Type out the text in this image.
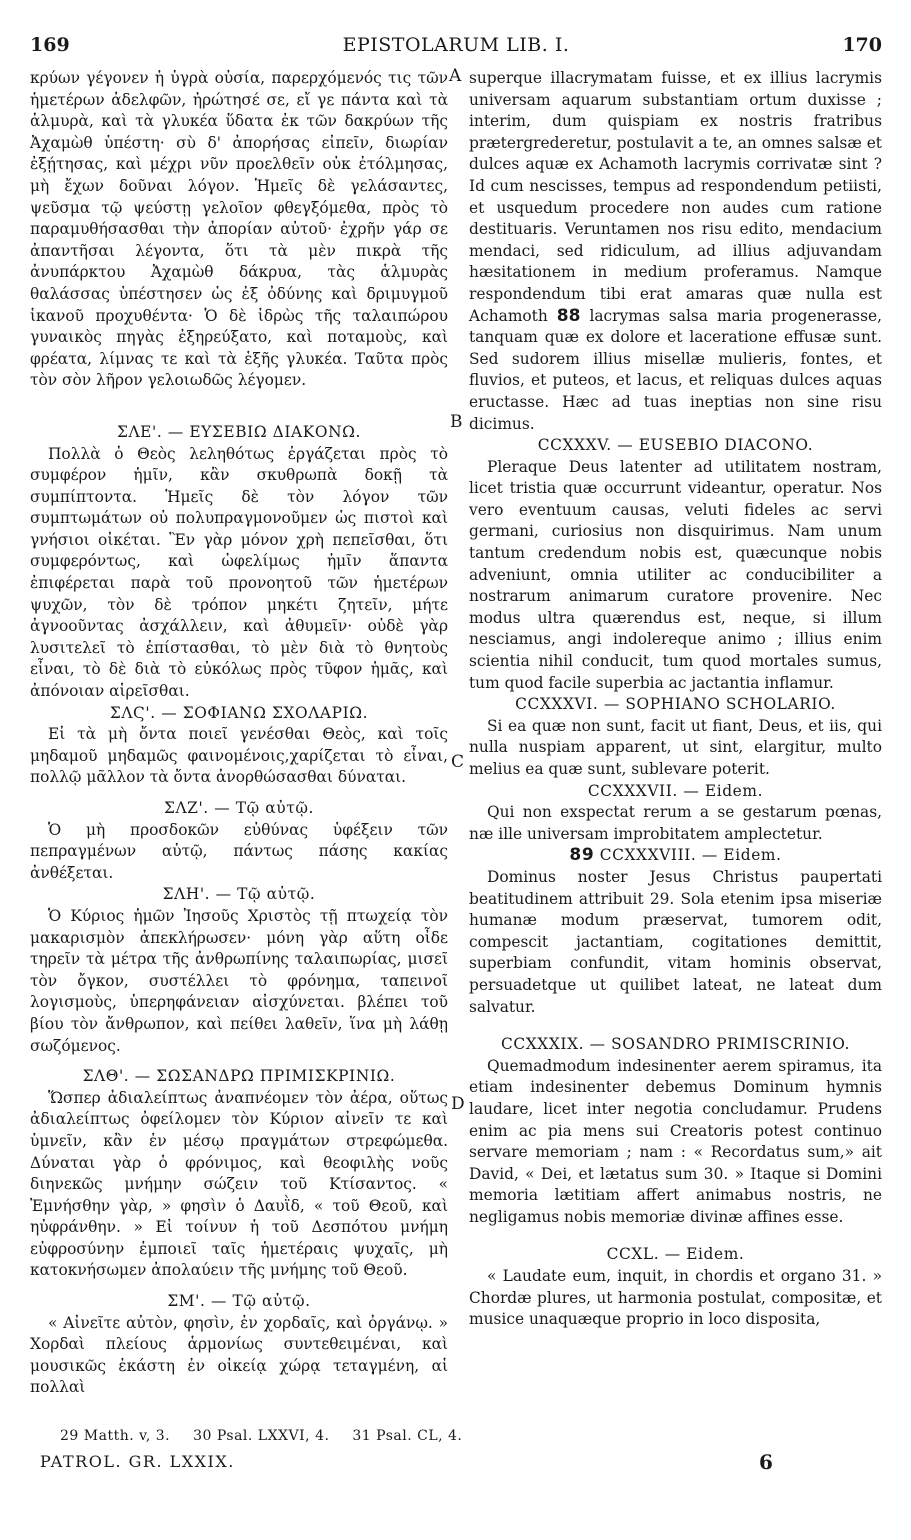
169	EPISTOLARUM LIB. I.	170
A
B
C
D

κρύων γέγονεν ἡ ὑγρὰ οὐσία, παρερχόμενός τις τῶν ἡμετέρων ἀδελφῶν, ἠρώτησέ σε, εἴ γε πάντα καὶ τὰ ἁλμυρὰ, καὶ τὰ γλυκέα ὕδατα ἐκ τῶν δακρύων τῆς Ἀχαμὼθ ὑπέστη· σὺ δ' ἀπορήσας εἰπεῖν, διωρίαν ἐξῄτησας, καὶ μέχρι νῦν προελθεῖν οὐκ ἐτόλμησας, μὴ ἔχων δοῦναι λόγον. Ἡμεῖς δὲ γελάσαντες, ψεῦσμα τῷ ψεύστῃ γελοῖον φθεγξόμεθα, πρὸς τὸ παραμυθήσασθαι τὴν ἀπορίαν αὐτοῦ· ἐχρῆν γάρ σε ἀπαντῆσαι λέγοντα, ὅτι τὰ μὲν πικρὰ τῆς ἀνυπάρκτου Ἀχαμὼθ δάκρυα, τὰς ἁλμυρὰς θαλάσσας ὑπέστησεν ὡς ἐξ ὀδύνης καὶ δριμυγμοῦ ἱκανοῦ προχυθέντα· Ὁ δὲ ἱδρὼς τῆς ταλαιπώρου γυναικὸς πηγὰς ἐξηρεύξατο, καὶ ποταμοὺς, καὶ φρέατα, λίμνας τε καὶ τὰ ἑξῆς γλυκέα. Ταῦτα πρὸς τὸν σὸν λῆρον γελοιωδῶς λέγομεν.

ΣΛΕ'. — ΕΥΣΕΒΙΩ ΔΙΑΚΟΝΩ.

Πολλὰ ὁ Θεὸς λεληθότως ἐργάζεται πρὸς τὸ συμφέρον ἡμῖν, κἂν σκυθρωπὰ δοκῇ τὰ συμπίπτοντα. Ἡμεῖς δὲ τὸν λόγον τῶν συμπτωμάτων οὐ πολυπραγμονοῦμεν ὡς πιστοὶ καὶ γνήσιοι οἰκέται. Ἓν γὰρ μόνον χρὴ πεπεῖσθαι, ὅτι συμφερόντως, καὶ ὠφελίμως ἡμῖν ἅπαντα ἐπιφέρεται παρὰ τοῦ προνοητοῦ τῶν ἡμετέρων ψυχῶν, τὸν δὲ τρόπον μηκέτι ζητεῖν, μήτε ἀγνοοῦντας ἀσχάλλειν, καὶ ἀθυμεῖν· οὐδὲ γὰρ λυσιτελεῖ τὸ ἐπίστασθαι, τὸ μὲν διὰ τὸ θνητοὺς εἶναι, τὸ δὲ διὰ τὸ εὐκόλως πρὸς τῦφον ἡμᾶς, καὶ ἀπόνοιαν αἱρεῖσθαι.

ΣΛϚ'. — ΣΟΦΙΑΝΩ ΣΧΟΛΑΡΙΩ.

Εἰ τὰ μὴ ὄντα ποιεῖ γενέσθαι Θεὸς, καὶ τοῖς μηδαμοῦ μηδαμῶς φαινομένοις,χαρίζεται τὸ εἶναι, πολλῷ μᾶλλον τὰ ὄντα ἀνορθώσασθαι δύναται.

ΣΛΖ'. — Τῷ αὐτῷ.

Ὁ μὴ προσδοκῶν εὐθύνας ὑφέξειν τῶν πεπραγμένων αὐτῷ, πάντως πάσης κακίας ἀνθέξεται.

ΣΛΗ'. — Τῷ αὐτῷ.

Ὁ Κύριος ἡμῶν Ἰησοῦς Χριστὸς τῇ πτωχείᾳ τὸν μακαρισμὸν ἀπεκλήρωσεν· μόνη γὰρ αὕτη οἶδε τηρεῖν τὰ μέτρα τῆς ἀνθρωπίνης ταλαιπωρίας, μισεῖ τὸν ὄγκον, συστέλλει τὸ φρόνημα, ταπεινοῖ λογισμοὺς, ὑπερηφάνειαν αἰσχύνεται. βλέπει τοῦ βίου τὸν ἄνθρωπον, καὶ πείθει λαθεῖν, ἵνα μὴ λάθῃ σωζόμενος.

ΣΛΘ'. — ΣΩΣΑΝΔΡΩ ΠΡΙΜΙΣΚΡΙΝΙΩ.

Ὥσπερ ἀδιαλείπτως ἀναπνέομεν τὸν ἀέρα, οὕτως ἀδιαλείπτως ὀφείλομεν τὸν Κύριον αἰνεῖν τε καὶ ὑμνεῖν, κἂν ἐν μέσῳ πραγμάτων στρεφώμεθα. Δύναται γὰρ ὁ φρόνιμος, καὶ θεοφιλὴς νοῦς διηνεκῶς μνήμην σώζειν τοῦ Κτίσαντος. « Ἐμνήσθην γὰρ, » φησὶν ὁ Δαυῒδ, « τοῦ Θεοῦ, καὶ ηὐφράνθην. » Εἰ τοίνυν ἡ τοῦ Δεσπότου μνήμη εὐφροσύνην ἐμποιεῖ ταῖς ἡμετέραις ψυχαῖς, μὴ κατοκνήσωμεν ἀπολαύειν τῆς μνήμης τοῦ Θεοῦ.

ΣΜ'. — Τῷ αὐτῷ.

« Αἰνεῖτε αὐτὸν, φησὶν, ἐν χορδαῖς, καὶ ὀργάνῳ. » Χορδαὶ πλείους ἁρμονίως συντεθειμέναι, καὶ μουσικῶς ἑκάστη ἐν οἰκείᾳ χώρᾳ τεταγμένη, αἱ πολλαὶ

superque illacrymatam fuisse, et ex illius lacrymis universam aquarum substantiam ortum duxisse ; interim, dum quispiam ex nostris fratribus prætergrederetur, postulavit a te, an omnes salsæ et dulces aquæ ex Achamoth lacrymis corrivatæ sint ? Id cum nescisses, tempus ad respondendum petiisti, et usquedum procedere non audes cum ratione destituaris. Veruntamen nos risu edito, mendacium mendaci, sed ridiculum, ad illius adjuvandam hæsitationem in medium proferamus. Namque respondendum tibi erat amaras quæ nulla est Achamoth 88 lacrymas salsa maria progenerasse, tanquam quæ ex dolore et laceratione effusæ sunt. Sed sudorem illius misellæ mulieris, fontes, et fluvios, et puteos, et lacus, et reliquas dulces aquas eructasse. Hæc ad tuas ineptias non sine risu dicimus.

CCXXXV. — EUSEBIO DIACONO.

Pleraque Deus latenter ad utilitatem nostram, licet tristia quæ occurrunt videantur, operatur. Nos vero eventuum causas, veluti fideles ac servi germani, curiosius non disquirimus. Nam unum tantum credendum nobis est, quæcunque nobis adveniunt, omnia utiliter ac conducibiliter a nostrarum animarum curatore provenire. Nec modus ultra quærendus est, neque, si illum nesciamus, angi indolereque animo ; illius enim scientia nihil conducit, tum quod mortales sumus, tum quod facile superbia ac jactantia inflamur.

CCXXXVI. — SOPHIANO SCHOLARIO.

Si ea quæ non sunt, facit ut fiant, Deus, et iis, qui nulla nuspiam apparent, ut sint, elargitur, multo melius ea quæ sunt, sublevare poterit.

CCXXXVII. — Eidem.

Qui non exspectat rerum a se gestarum pœnas, næ ille universam improbitatem amplectetur.

89 CCXXXVIII. — Eidem.

Dominus noster Jesus Christus paupertati beatitudinem attribuit 29. Sola etenim ipsa miseriæ humanæ modum præservat, tumorem odit, compescit jactantiam, cogitationes demittit, superbiam confundit, vitam hominis observat, persuadetque ut quilibet lateat, ne lateat dum salvatur.

CCXXXIX. — SOSANDRO PRIMISCRINIO.

Quemadmodum indesinenter aerem spiramus, ita etiam indesinenter debemus Dominum hymnis laudare, licet inter negotia concludamur. Prudens enim ac pia mens sui Creatoris potest continuo servare memoriam ; nam : « Recordatus sum,» ait David, « Dei, et lætatus sum 30. » Itaque si Domini memoria lætitiam affert animabus nostris, ne negligamus nobis memoriæ divinæ affines esse.

CCXL. — Eidem.

« Laudate eum, inquit, in chordis et organo 31. » Chordæ plures, ut harmonia postulat, compositæ, et musice unaquæque proprio in loco disposita,

29 Matth. v, 3. 30 Psal. LXXVI, 4. 31 Psal. CL, 4.
PATROL. GR. LXXIX.	6
